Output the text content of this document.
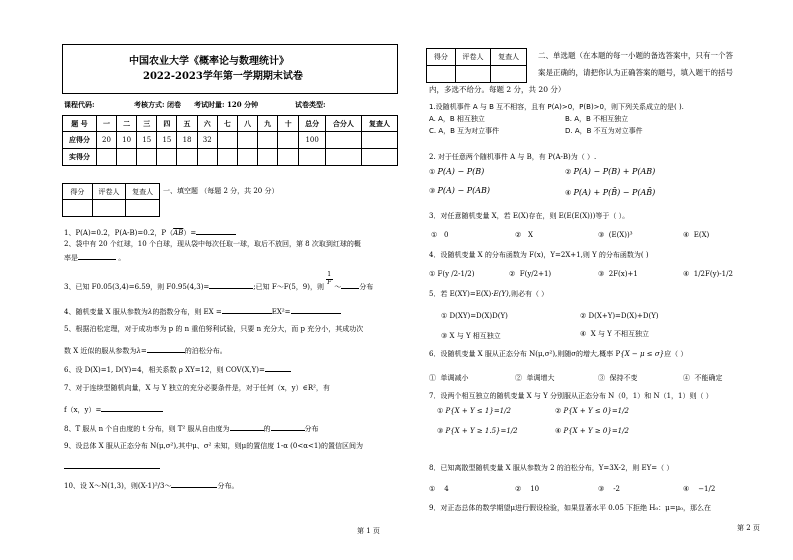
中国农业大学《概率论与数理统计》
2022-2023学年第一学期期末试卷
课程代码:	考核方式: 闭卷 考试时量: 120 分钟	试卷类型:
题 号	一	二	三	四	五	六	七	八	九	十	总分	合分人	复查人
应得分	20	10	15	15	18	32					100		
实得分													
得分	评卷人	复查人
		一、填空题 （每题 2 分，共 20 分）
1、P(A)=0.2，P(A-B)=0.2，$P(\overline{AB})=$
2、袋中有 20 个红球，10 个白球，现从袋中每次任取一球，取后不放回，第 8 次取到红球的概
率是	。
3、已知 F0.05(3,4)=6.59，则 F0.95(4,3)=	;已知 F～F(5，9)，则 $\frac{1}{F}$ ～	分布
4、随机变量 X 服从参数为λ的指数分布，则 EX =	EX²=
5、根据泊松定理，对于成功率为 p 的 n 重伯努利试验，只要 n 充分大，而 p 充分小，其成功次
数 X 近似的服从参数为λ=	的泊松分布。
6、设 D(X)=1, D(Y)=4，相关系数 ρ XY=12，则 COV(X,Y)=
7、对于连续型随机向量，X 与 Y 独立的充分必要条件是，对于任何（x，y）∈R²，有
f（x，y）=
8、T 服从 n 个自由度的 t 分布，则 T² 服从自由度为	的	分布
9、设总体 X 服从正态分布 N(μ,σ²),其中μ、σ² 未知，则μ的置信度 1-α (0<α<1)的置信区间为
10、设 X～N(1,3)，则(X-1)²/3～	分布。
第 1 页
得分	评卷人	复查人
			二、单选题（在本题的每一小题的备选答案中，只有一个答
案是正确的，请把你认为正确答案的题号，填入题干的括号
内，多选不给分。每题 2 分，共 20 分）
1.设随机事件 A 与 B 互不相容，且有 P(A)>0，P(B)>0，则下列关系成立的是( ).
A. A，B 相互独立	B. A，B 不相互独立
C. A，B 互为对立事件	D. A，B 不互为对立事件
2. 对于任意两个随机事件 A 与 B，有 P(A-B)为（ ）.
① P(A) − P(B)	② P(A) − P(B) + P(AB)
③ P(A) − P(AB)	④ P(A) + P(B̄) − P(AB̄)
3．对任意随机变量 X，若 E(X)存在，则 E(E(E(X)))等于（ ）。
① 0	② X	③ (E(X))³	④ E(X)
4．设随机变量 X 的分布函数为 F(x)，Y=2X+1,则 Y 的分布函数为( )
① F(y /2-1/2)	② F(y/2+1)	③ 2F(x)+1	④ 1/2F(y)-1/2
5．若 E(XY)=E(X)·E(Y),则必有（ ）
① D(XY)=D(X)D(Y)	② D(X+Y)=D(X)+D(Y)
③ X 与 Y 相互独立	④ X 与 Y 不相互独立
6．设随机变量 X 服从正态分布 N(μ,σ²),则随σ的增大,概率 P{X − μ ≤ σ}应（ ）
① 单调减小	② 单调增大	③ 保持不变	④ 不能确定
7．设两个相互独立的随机变量 X 与 Y 分别服从正态分布 N（0，1）和 N（1，1）则（ ）
① P{X + Y ≤ 1}=1/2	② P{X + Y ≤ 0}=1/2
③ P{X + Y ≥ 1.5}=1/2	④ P{X + Y ≥ 0}=1/2
8．已知离散型随机变量 X 服从参数为 2 的泊松分布，Y=3X-2，则 EY=（ ）
① 4	② 10	③ -2	④ −1/2
9．对正态总体的数学期望μ进行假设检验，如果显著水平 0.05 下拒绝 H₀：μ=μ₀，那么在
第 2 页
